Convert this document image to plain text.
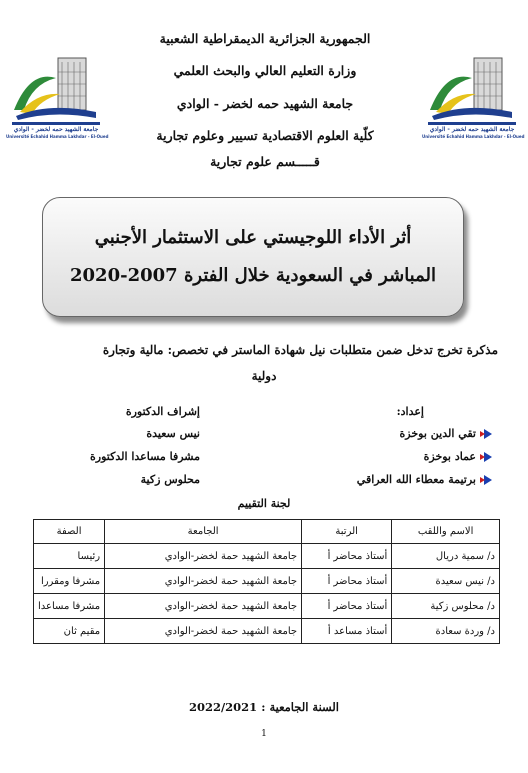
جامعة الشهيد حمه لخضر - الوادي
Université Echahid Hamma Lakhdar - El-Oued
جامعة الشهيد حمه لخضر - الوادي
Université Echahid Hamma Lakhdar - El-Oued
الجمهورية الجزائرية الديمقراطية الشعبية
وزارة التعليم العالي والبحث العلمي
جامعة الشهيد حمه لخضر - الوادي
كلّية العلوم الاقتصادية تسيير وعلوم تجارية
قـــــسم علوم تجارية
أثر الأداء اللوجيستي على الاستثمار الأجنبي
المباشر في السعودية خلال الفترة 2007-2020
مذكرة تخرج تدخل ضمن متطلبات نيل شهادة الماستر في تخصص: مالية وتجارة
دولية
إعداد:
إشراف الدكتورة
تقي الدين بوخزة
نيس سعيدة
عماد بوخزة
مشرفا مساعدا الدكتورة
برتيمة معطاء الله العراقي
محلوس زكية
لجنة التقييم
الاسم واللقب	الرتبة	الجامعة	الصفة
د/ سمية دريال	أستاذ محاضر أ	جامعة الشهيد حمة لخضر-الوادي	رئيسا
د/ نيس سعيدة	أستاذ محاضر أ	جامعة الشهيد حمة لخضر-الوادي	مشرفا ومقررا
د/ محلوس زكية	أستاذ محاضر أ	جامعة الشهيد حمة لخضر-الوادي	مشرفا مساعدا
د/ وردة سعادة	أستاذ مساعد أ	جامعة الشهيد حمة لخضر-الوادي	مقيم ثان
السنة الجامعية : 2022/2021
1
